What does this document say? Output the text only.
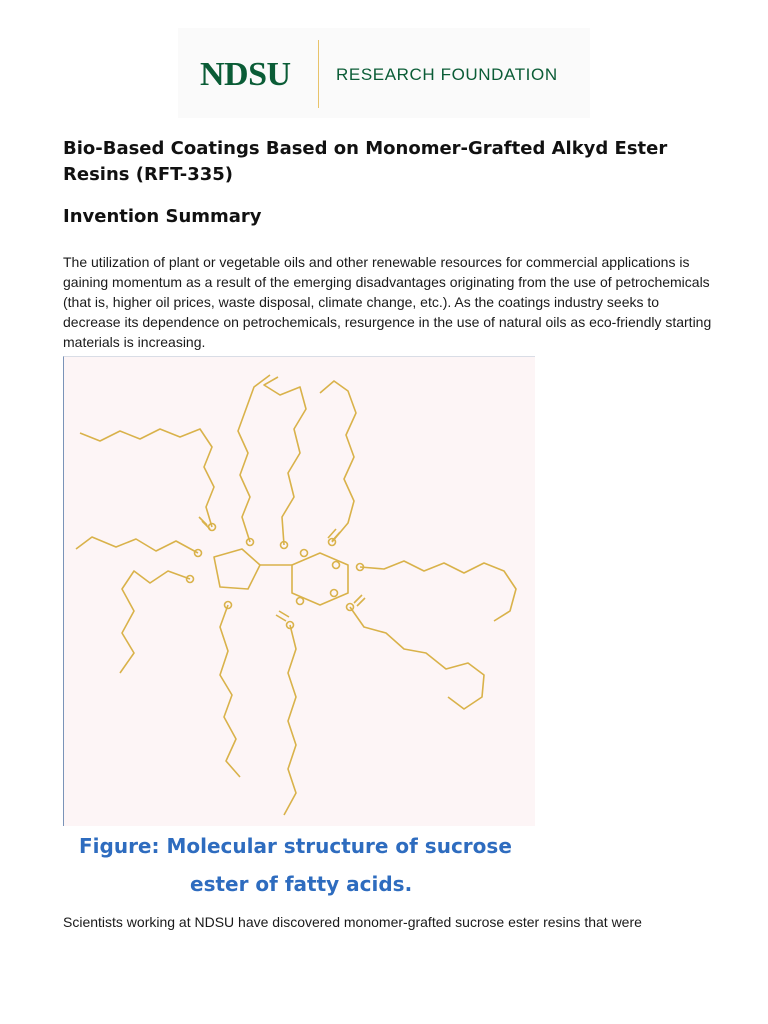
NDSU	RESEARCH FOUNDATION
Bio-Based Coatings Based on Monomer-Grafted Alkyd Ester Resins (RFT-335)
Invention Summary

The utilization of plant or vegetable oils and other renewable resources for commercial applications is gaining momentum as a result of the emerging disadvantages originating from the use of petrochemicals (that is, higher oil prices, waste disposal, climate change, etc.). As the coatings industry seeks to decrease its dependence on petrochemicals, resurgence in the use of natural oils as eco-friendly starting materials is increasing.

Figure: Molecular structure of sucrose
ester of fatty acids.

Scientists working at NDSU have discovered monomer-grafted sucrose ester resins that were
